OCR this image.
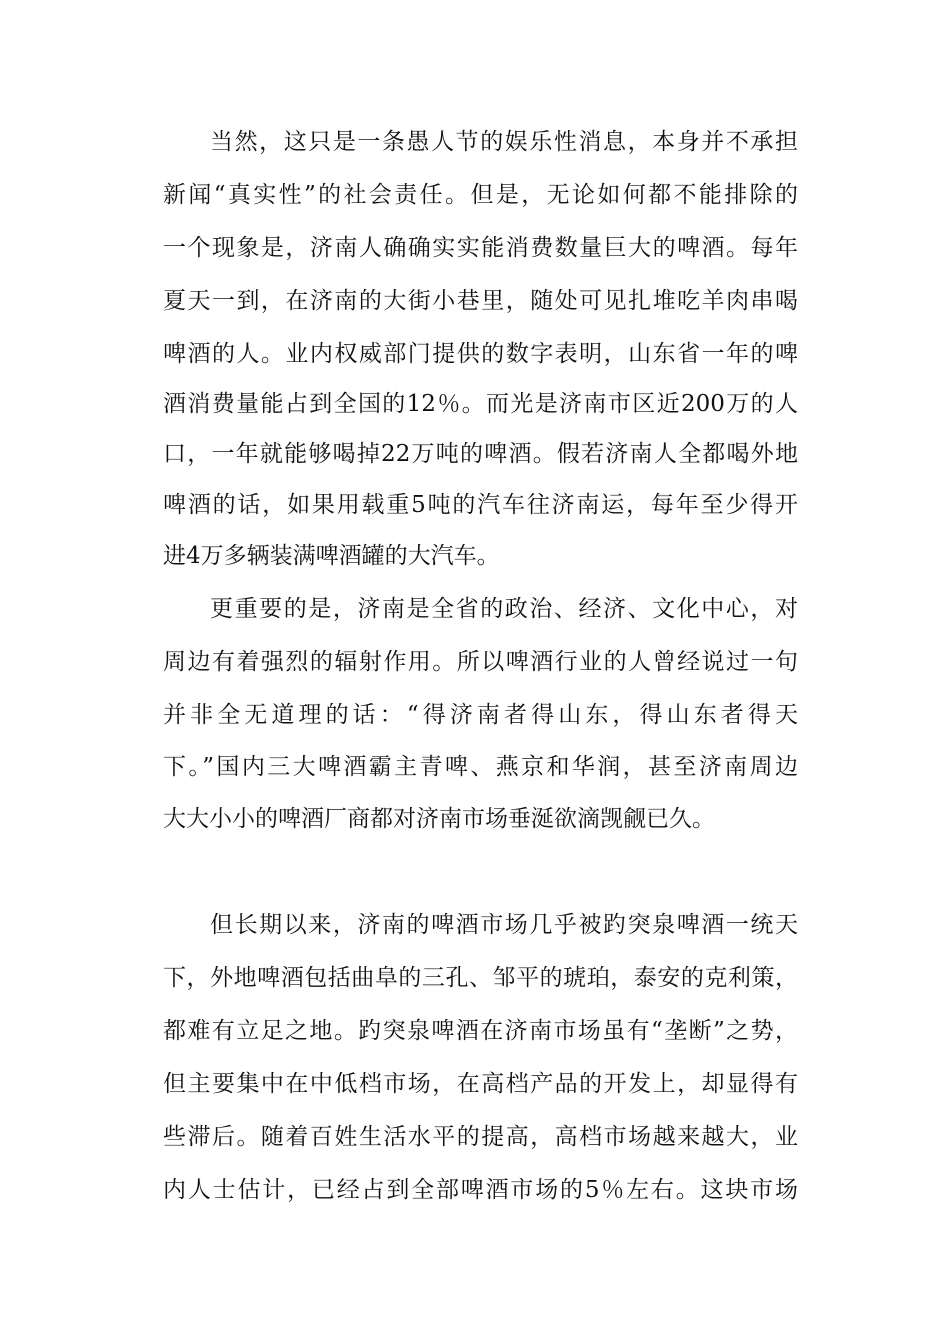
当然，这只是一条愚人节的娱乐性消息，本身并不承担
新闻“真实性”的社会责任。但是，无论如何都不能排除的
一个现象是，济南人确确实实能消费数量巨大的啤酒。每年
夏天一到，在济南的大街小巷里，随处可见扎堆吃羊肉串喝
啤酒的人。业内权威部门提供的数字表明，山东省一年的啤
酒消费量能占到全国的12％。而光是济南市区近200万的人
口，一年就能够喝掉22万吨的啤酒。假若济南人全都喝外地
啤酒的话，如果用载重5吨的汽车往济南运，每年至少得开
进4万多辆装满啤酒罐的大汽车。
更重要的是，济南是全省的政治、经济、文化中心，对
周边有着强烈的辐射作用。所以啤酒行业的人曾经说过一句
并非全无道理的话：“得济南者得山东，得山东者得天
下。”国内三大啤酒霸主青啤、燕京和华润，甚至济南周边
大大小小的啤酒厂商都对济南市场垂涎欲滴觊觎已久。
但长期以来，济南的啤酒市场几乎被趵突泉啤酒一统天
下，外地啤酒包括曲阜的三孔、邹平的琥珀，泰安的克利策，
都难有立足之地。趵突泉啤酒在济南市场虽有“垄断”之势，
但主要集中在中低档市场，在高档产品的开发上，却显得有
些滞后。随着百姓生活水平的提高，高档市场越来越大，业
内人士估计，已经占到全部啤酒市场的5％左右。这块市场
